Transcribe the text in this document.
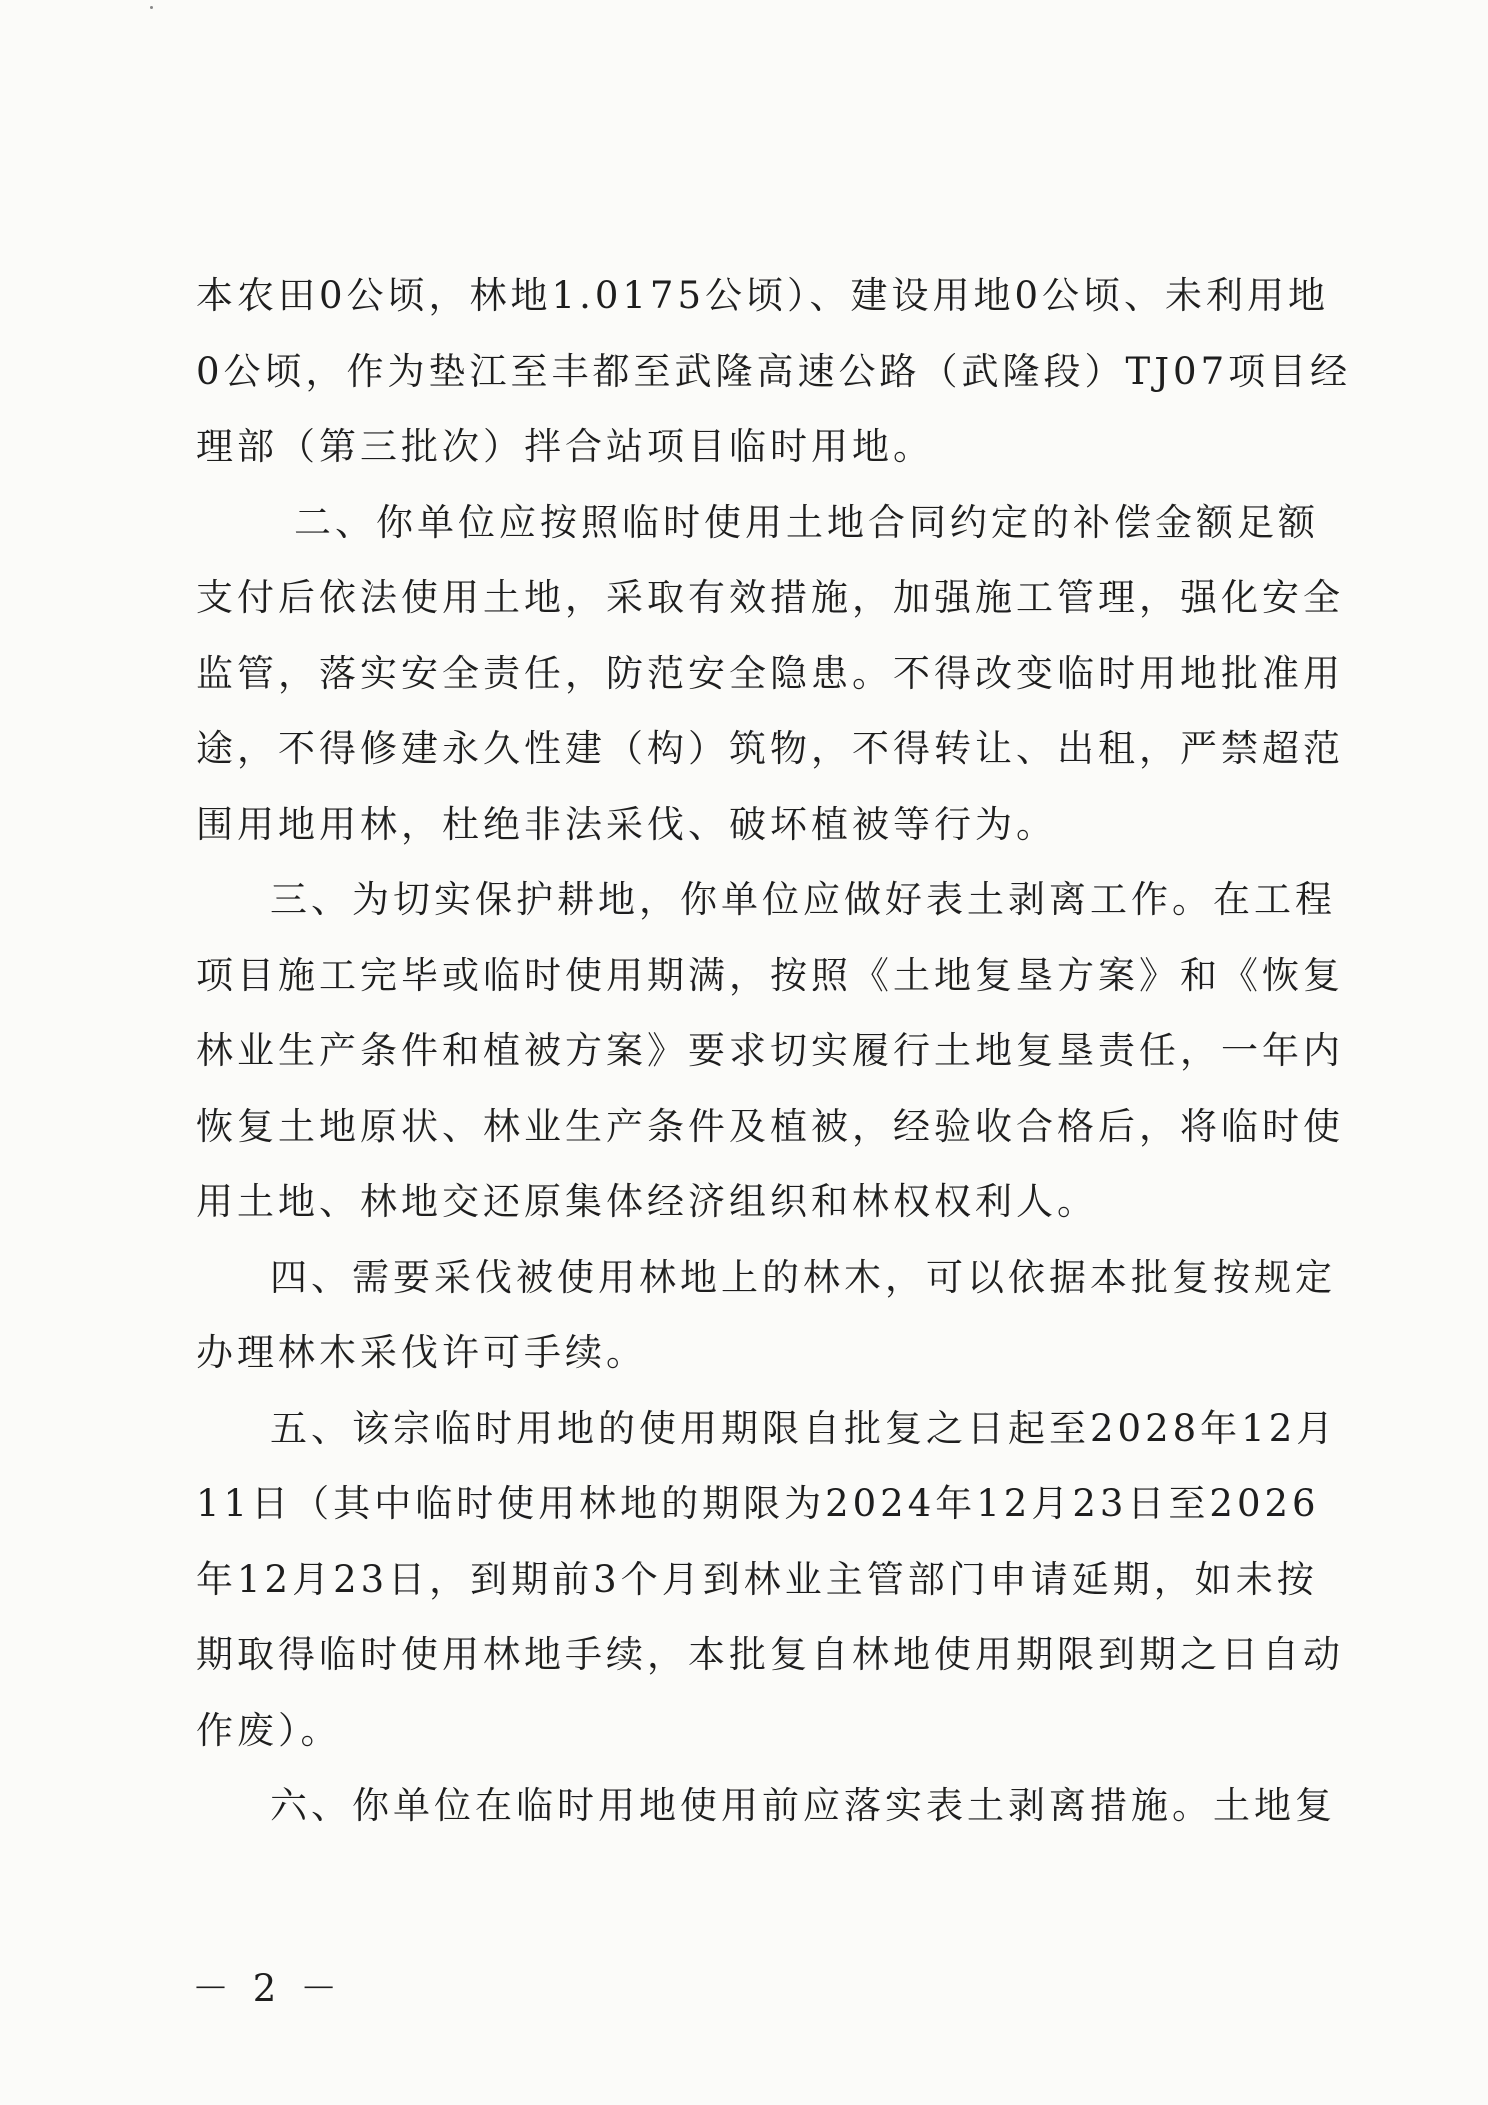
本农田0公顷，林地1.0175公顷）、建设用地0公顷、未利用地
0公顷，作为垫江至丰都至武隆高速公路（武隆段）TJ07项目经
理部（第三批次）拌合站项目临时用地。
二、你单位应按照临时使用土地合同约定的补偿金额足额
支付后依法使用土地，采取有效措施，加强施工管理，强化安全
监管，落实安全责任，防范安全隐患。不得改变临时用地批准用
途，不得修建永久性建（构）筑物，不得转让、出租，严禁超范
围用地用林，杜绝非法采伐、破坏植被等行为。
三、为切实保护耕地，你单位应做好表土剥离工作。在工程
项目施工完毕或临时使用期满，按照《土地复垦方案》和《恢复
林业生产条件和植被方案》要求切实履行土地复垦责任，一年内
恢复土地原状、林业生产条件及植被，经验收合格后，将临时使
用土地、林地交还原集体经济组织和林权权利人。
四、需要采伐被使用林地上的林木，可以依据本批复按规定
办理林木采伐许可手续。
五、该宗临时用地的使用期限自批复之日起至2028年12月
11日（其中临时使用林地的期限为2024年12月23日至2026
年12月23日，到期前3个月到林业主管部门申请延期，如未按
期取得临时使用林地手续，本批复自林地使用期限到期之日自动
作废）。
六、你单位在临时用地使用前应落实表土剥离措施。土地复
－ 2 －
